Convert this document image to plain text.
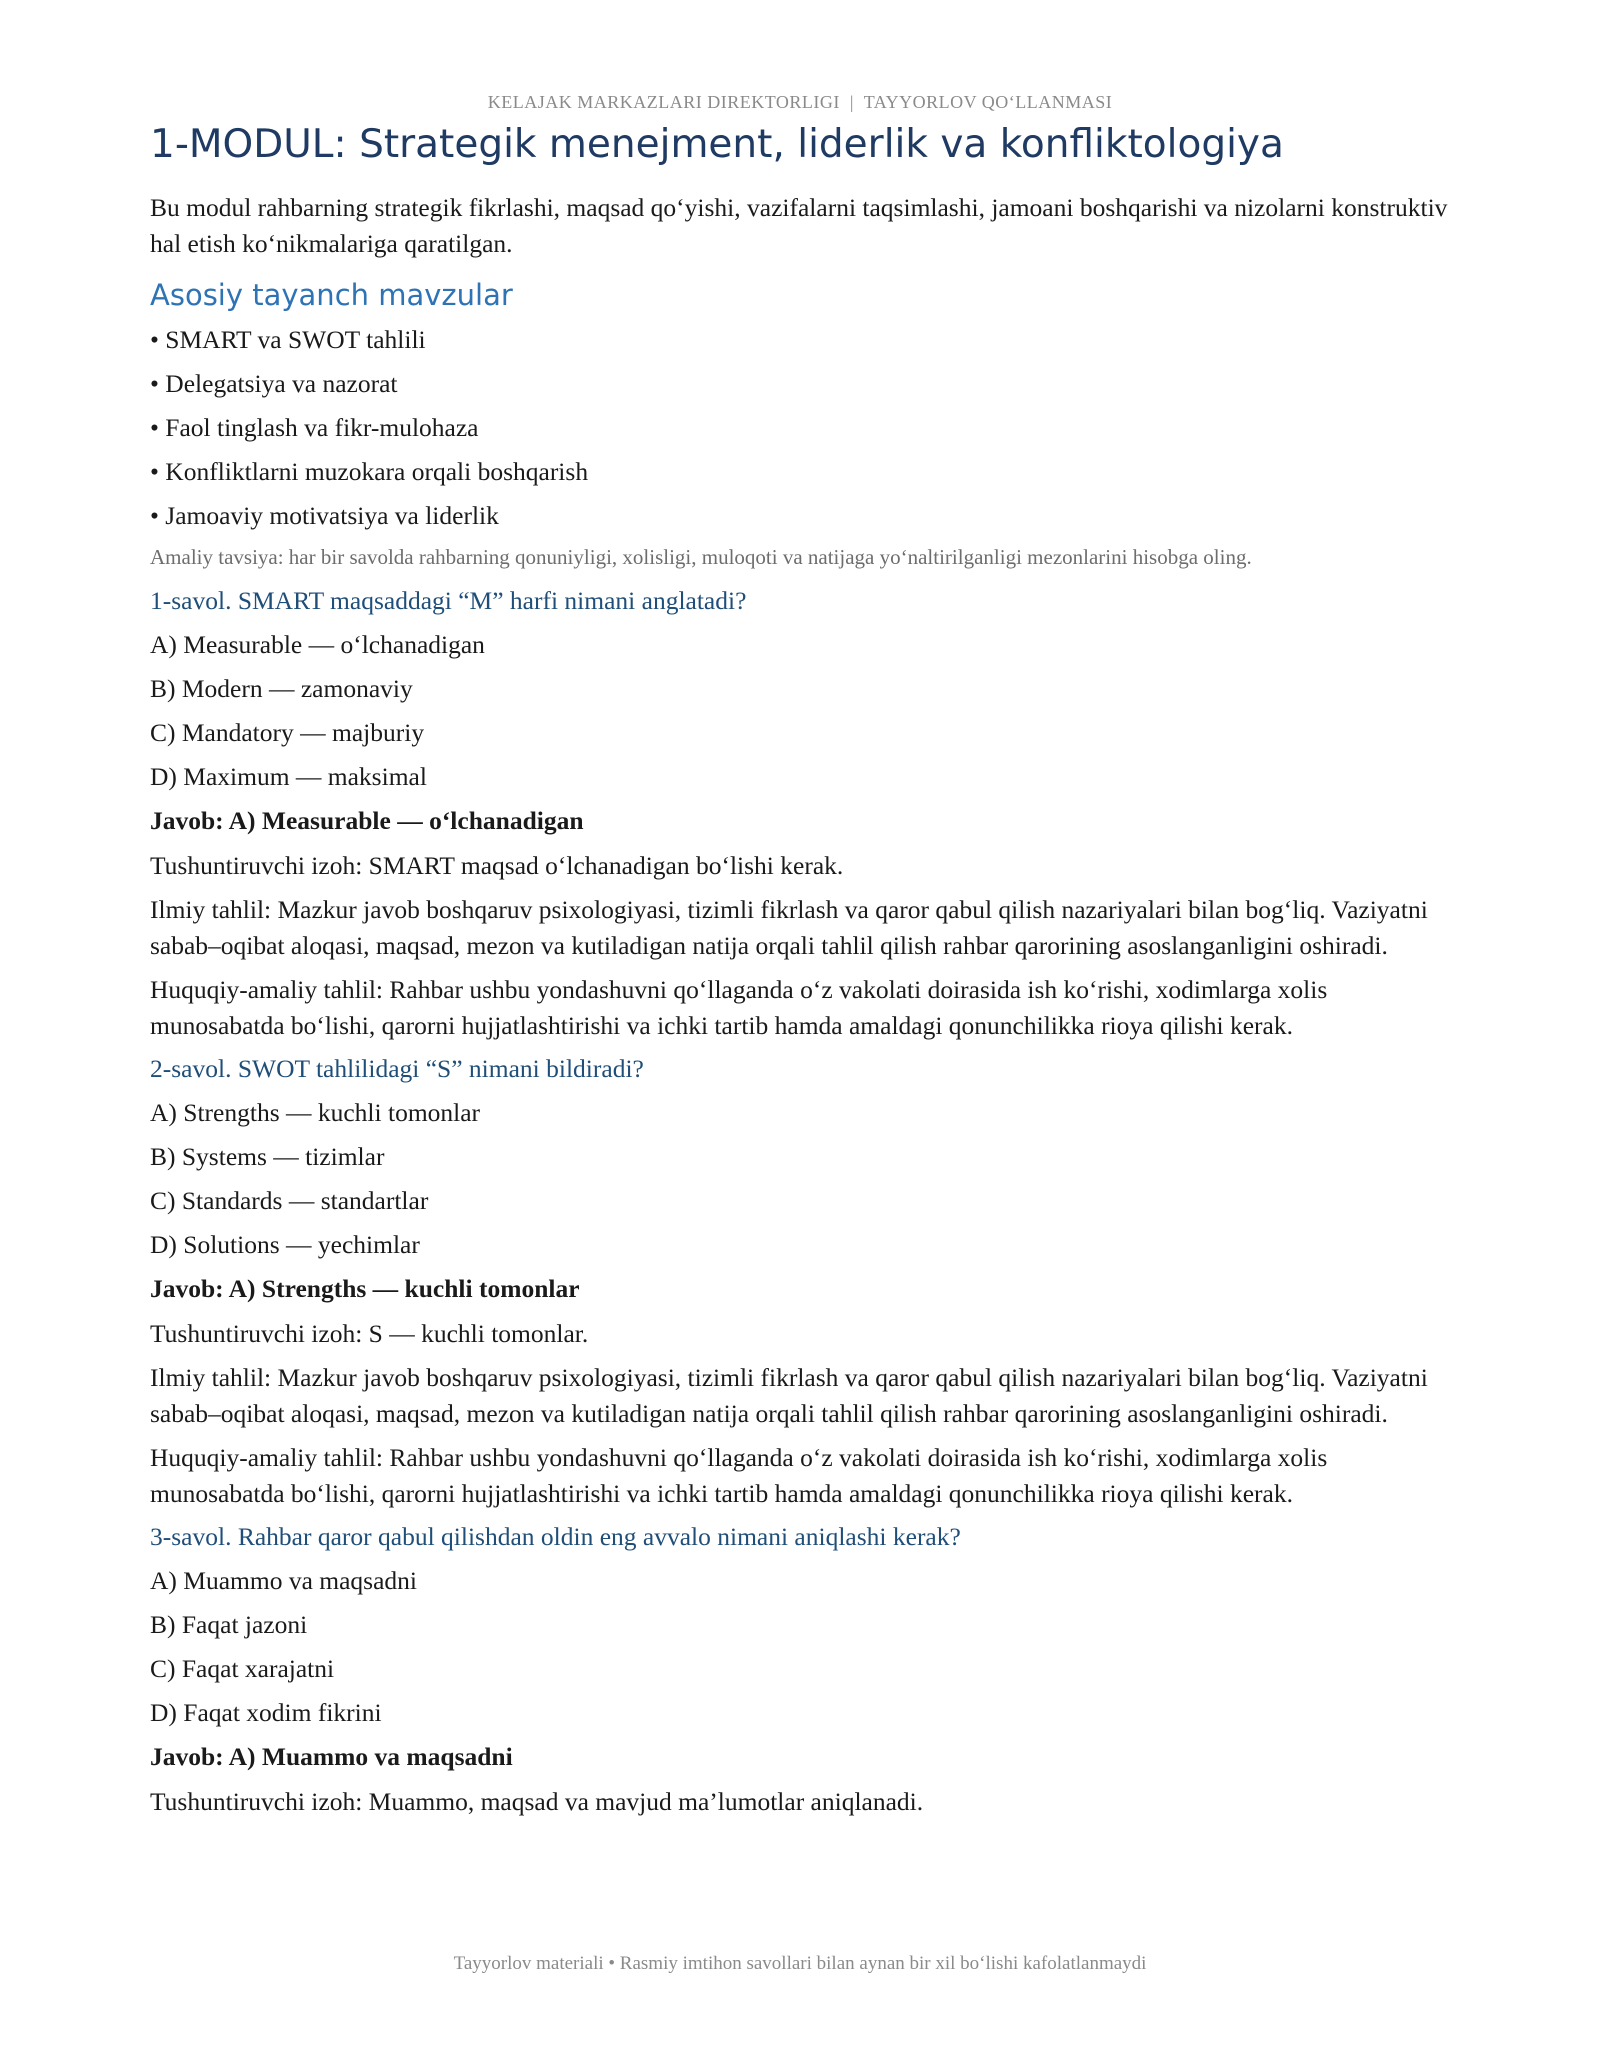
KELAJAK MARKAZLARI DIREKTORLIGI  |  TAYYORLOV QO‘LLANMASI
1-MODUL: Strategik menejment, liderlik va konfliktologiya

Bu modul rahbarning strategik fikrlashi, maqsad qo‘yishi, vazifalarni taqsimlashi, jamoani boshqarishi va nizolarni konstruktiv hal etish ko‘nikmalariga qaratilgan.

Asosiy tayanch mavzular
• SMART va SWOT tahlili
• Delegatsiya va nazorat
• Faol tinglash va fikr-mulohaza
• Konfliktlarni muzokara orqali boshqarish
• Jamoaviy motivatsiya va liderlik

Amaliy tavsiya: har bir savolda rahbarning qonuniyligi, xolisligi, muloqoti va natijaga yo‘naltirilganligi mezonlarini hisobga oling.

1-savol. SMART maqsaddagi “M” harfi nimani anglatadi?

A) Measurable — o‘lchanadigan

B) Modern — zamonaviy

C) Mandatory — majburiy

D) Maximum — maksimal

Javob: A) Measurable — o‘lchanadigan

Tushuntiruvchi izoh: SMART maqsad o‘lchanadigan bo‘lishi kerak.

Ilmiy tahlil: Mazkur javob boshqaruv psixologiyasi, tizimli fikrlash va qaror qabul qilish nazariyalari bilan bog‘liq. Vaziyatni sabab–oqibat aloqasi, maqsad, mezon va kutiladigan natija orqali tahlil qilish rahbar qarorining asoslanganligini oshiradi.

Huquqiy-amaliy tahlil: Rahbar ushbu yondashuvni qo‘llaganda o‘z vakolati doirasida ish ko‘rishi, xodimlarga xolis munosabatda bo‘lishi, qarorni hujjatlashtirishi va ichki tartib hamda amaldagi qonunchilikka rioya qilishi kerak.

2-savol. SWOT tahlilidagi “S” nimani bildiradi?

A) Strengths — kuchli tomonlar

B) Systems — tizimlar

C) Standards — standartlar

D) Solutions — yechimlar

Javob: A) Strengths — kuchli tomonlar

Tushuntiruvchi izoh: S — kuchli tomonlar.

Ilmiy tahlil: Mazkur javob boshqaruv psixologiyasi, tizimli fikrlash va qaror qabul qilish nazariyalari bilan bog‘liq. Vaziyatni sabab–oqibat aloqasi, maqsad, mezon va kutiladigan natija orqali tahlil qilish rahbar qarorining asoslanganligini oshiradi.

Huquqiy-amaliy tahlil: Rahbar ushbu yondashuvni qo‘llaganda o‘z vakolati doirasida ish ko‘rishi, xodimlarga xolis munosabatda bo‘lishi, qarorni hujjatlashtirishi va ichki tartib hamda amaldagi qonunchilikka rioya qilishi kerak.

3-savol. Rahbar qaror qabul qilishdan oldin eng avvalo nimani aniqlashi kerak?

A) Muammo va maqsadni

B) Faqat jazoni

C) Faqat xarajatni

D) Faqat xodim fikrini

Javob: A) Muammo va maqsadni

Tushuntiruvchi izoh: Muammo, maqsad va mavjud ma’lumotlar aniqlanadi.

Tayyorlov materiali • Rasmiy imtihon savollari bilan aynan bir xil bo‘lishi kafolatlanmaydi
